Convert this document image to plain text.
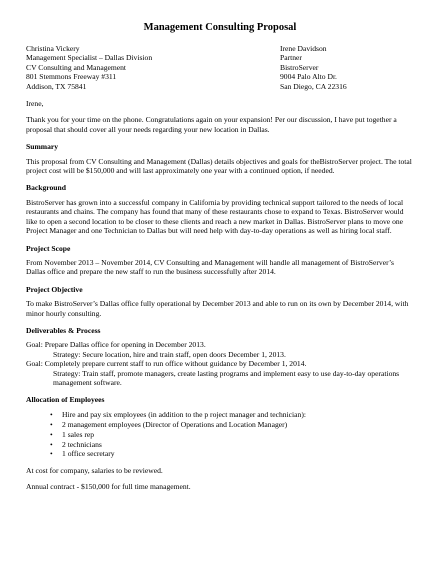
Management Consulting Proposal
Christina Vickery
Management Specialist – Dallas Division
CV Consulting and Management
801 Stemmons Freeway #311
Addison, TX 75841
Irene Davidson
Partner
BistroServer
9004 Palo Alto Dr.
San Diego, CA 22316

Irene,

Thank you for your time on the phone. Congratulations again on your expansion! Per our discussion, I have put together a proposal that should cover all your needs regarding your new location in Dallas.

Summary

This proposal from CV Consulting and Management (Dallas) details objectives and goals for theBistroServer project. The total project cost will be $150,000 and will last approximately one year with a continued option, if needed.

Background

BistroServer has grown into a successful company in California by providing technical support tailored to the needs of local restaurants and chains. The company has found that many of these restaurants chose to expand to Texas. BistroServer would like to open a second location to be closer to these clients and reach a new market in Dallas. BistroServer plans to move one Project Manager and one Technician to Dallas but will need help with day-to-day operations as well as hiring local staff.

Project Scope

From November 2013 – November 2014, CV Consulting and Management will handle all management of BistroServer’s Dallas office and prepare the new staff to run the business successfully after 2014.

Project Objective

To make BistroServer’s Dallas office fully operational by December 2013 and able to run on its own by December 2014, with minor hourly consulting.

Deliverables & Process

Goal: Prepare Dallas office for opening in December 2013.

Strategy: Secure location, hire and train staff, open doors December 1, 2013.

Goal: Completely prepare current staff to run office without guidance by December 1, 2014.

Strategy: Train staff, promote managers, create lasting programs and implement easy to use day-to-day operations management software.

Allocation of Employees
• Hire and pay six employees (in addition to the p roject manager and technician):
• 2 management employees (Director of Operations and Location Manager)
• 1 sales rep
• 2 technicians
• 1 office secretary

At cost for company, salaries to be reviewed.

Annual contract - $150,000 for full time management.
